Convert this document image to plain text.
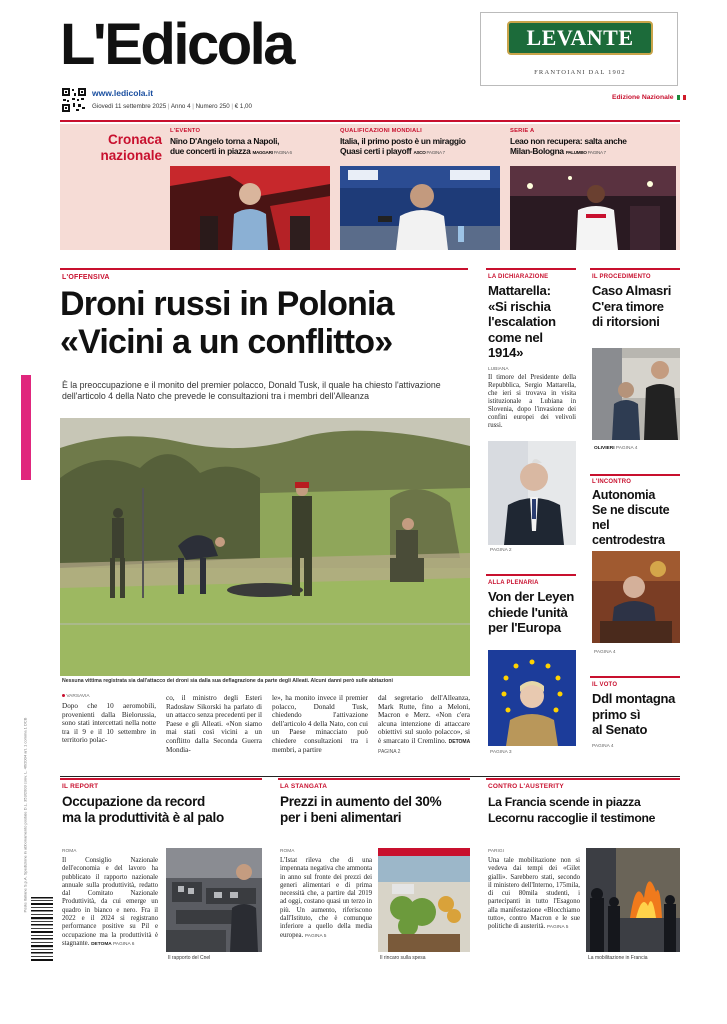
L'Edicola
www.ledicola.it
Giovedì 11 settembre 2025 | Anno 4 | Numero 250 | € 1,00
LEVANTE
FRANTOIANI DAL 1902
Edizione Nazionale
Cronaca
nazionale
L'EVENTO
Nino D'Angelo torna a Napoli,
due concerti in piazza MAGGARI PAGINA 6
QUALIFICAZIONI MONDIALI
Italia, il primo posto è un miraggio
Quasi certi i playoff ASCO PAGINA 7
SERIE A
Leao non recupera: salta anche
Milan-Bologna PALUMBO PAGINA 7
Poste Italiane S.p.A. Spedizione in abbonamento postale D.L. 353/2003 conv. L. 46/2004 art. 1 comma 1 DCB
L'OFFENSIVA
Droni russi in Polonia
«Vicini a un conflitto»
È la preoccupazione e il monito del premier polacco, Donald Tusk, il quale ha chiesto l'attivazione dell'articolo 4 della Nato che prevede le consultazioni tra i membri dell'Alleanza
Nessuna vittima registrata sia dall'attacco dei droni sia dalla sua deflagrazione da parte degli Alleati. Alcuni danni però sulle abitazioni
VARSAVIA
Dopo che 10 aeromobili, provenienti dalla Bielorussia, sono stati intercettati nella notte tra il 9 e il 10 settembre in territorio polac-
co, il ministro degli Esteri Radosław Sikorski ha parlato di un attacco senza precedenti per il Paese e gli Alleati. «Non siamo mai stati così vicini a un conflitto dalla Seconda Guerra Mondia-
le», ha monito invece il premier polacco, Donald Tusk, chiedendo l'attivazione dell'articolo 4 della Nato, con cui un Paese minacciato può chiedere consultazioni tra i membri, a partire
dal segretario dell'Alleanza, Mark Rutte, fino a Meloni, Macron e Merz. «Non c'era alcuna intenzione di attaccare obiettivi sul suolo polacco», si è smarcato il Cremlino. DETOMA PAGINA 2
LA DICHIARAZIONE
Mattarella:
«Si rischia
l'escalation
come nel 1914»
LUBIANA
Il timore del Presidente della Repubblica, Sergio Mattarella, che ieri si trovava in visita istituzionale a Lubiana in Slovenia, dopo l'invasione dei confini europei dei velivoli russi.
PAGINA 2
ALLA PLENARIA
Von der Leyen
chiede l'unità
per l'Europa
PAGINA 3
IL PROCEDIMENTO
Caso Almasri
C'era timore
di ritorsioni
OLIVIERI PAGINA 4
L'INCONTRO
Autonomia
Se ne discute
nel centrodestra
PAGINA 4
IL VOTO
Ddl montagna
primo sì
al Senato
PAGINA 4
IL REPORT
Occupazione da record
ma la produttività è al palo
ROMA
Il Consiglio Nazionale dell'economia e del lavoro ha pubblicato il rapporto nazionale annuale sulla produttività, redatto dal Comitato Nazionale Produttività, da cui emerge un quadro in bianco e nero. Fra il 2022 e il 2024 si registrano performance positive su Pil e occupazione ma la produttività è stagnante. DETOMA PAGINA 6
Il rapporto del Cnel
LA STANGATA
Prezzi in aumento del 30%
per i beni alimentari
ROMA
L'Istat rileva che di una impennata negativa che ammonta in anno sul fronte dei prezzi dei generi alimentari e di prima necessità che, a partire dal 2019 ad oggi, costano quasi un terzo in più. Un aumento, riferiscono dall'Istituto, che è comunque inferiore a quello della media europea. PAGINA 5
Il rincaro sulla spesa
CONTRO L'AUSTERITY
La Francia scende in piazza
Lecornu raccoglie il testimone
PARIGI
Una tale mobilitazione non si vedeva dai tempi dei «Gilet gialli». Sarebbero stati, secondo il ministero dell'Interno, 175mila, di cui 80mila studenti, i partecipanti in tutto l'Esagono alla manifestazione «Blocchiamo tutto», contro Macron e le sue politiche di austerità. PAGINA 5
La mobilitazione in Francia
